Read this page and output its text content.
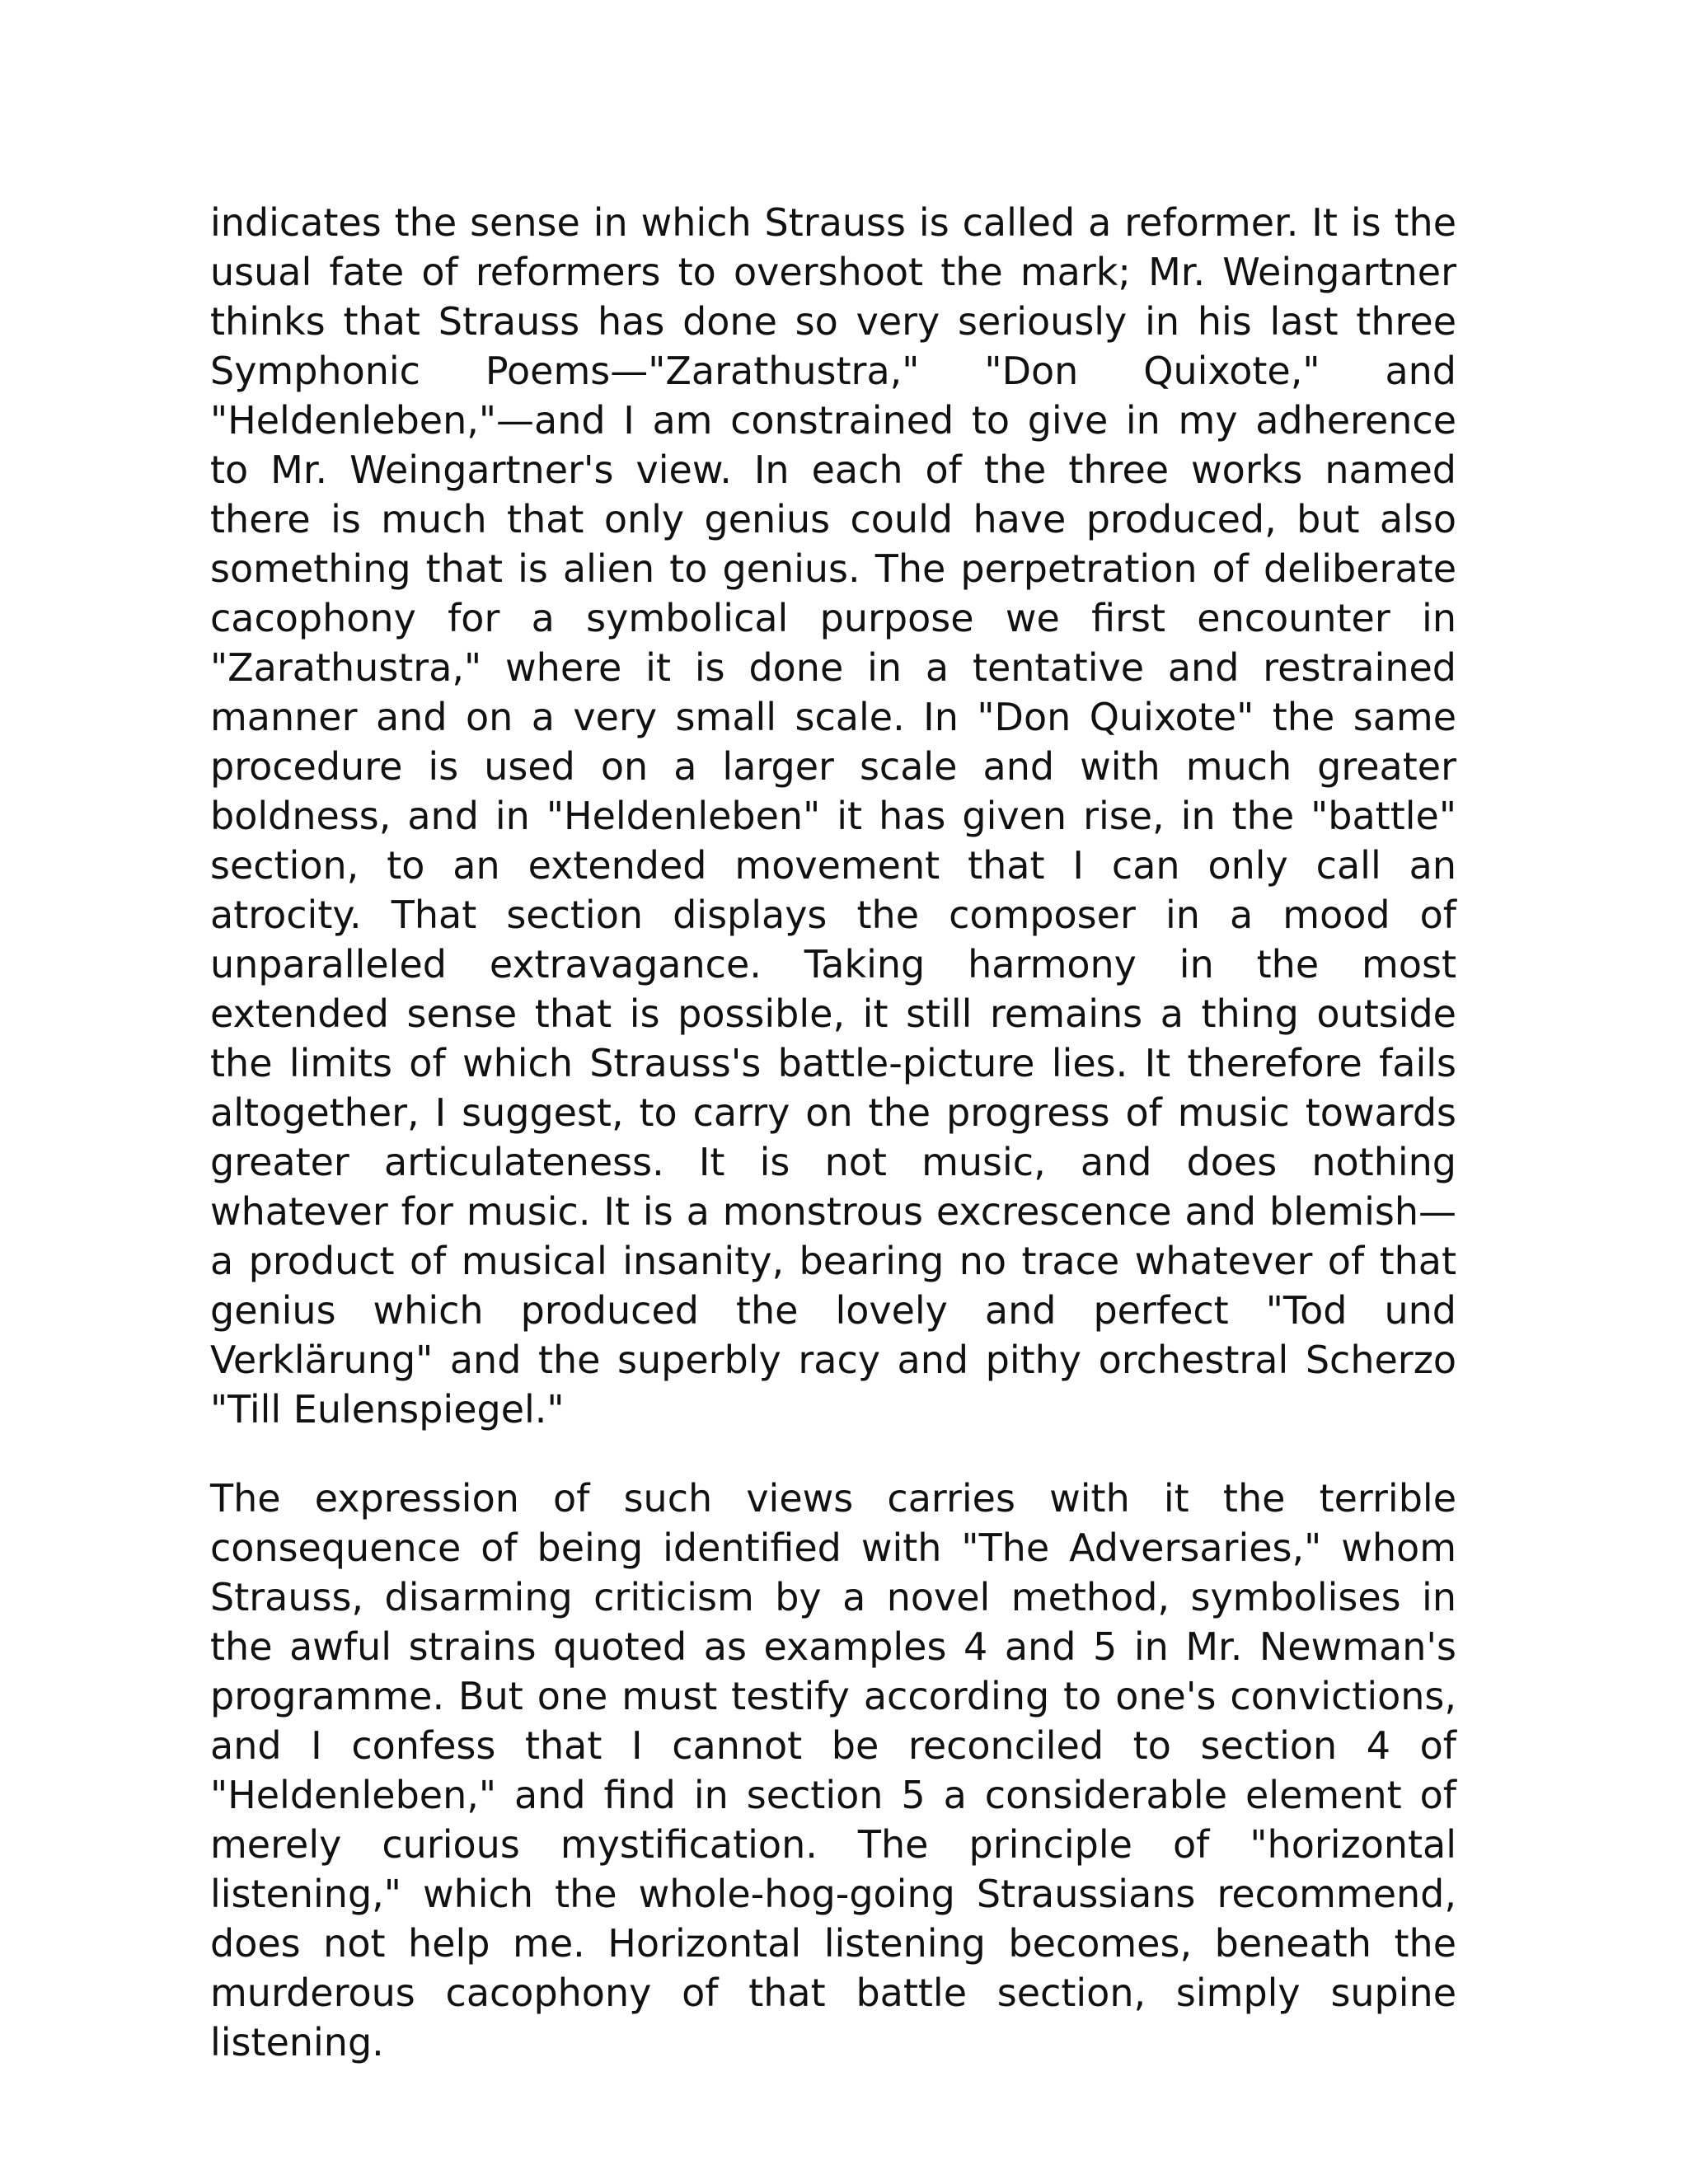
indicates the sense in which Strauss is called a reformer. It is the usual fate of reformers to overshoot the mark; Mr. Weingartner thinks that Strauss has done so very seriously in his last three Symphonic Poems—"Zarathustra," "Don Quixote," and "Heldenleben,"—and I am constrained to give in my adherence to Mr. Weingartner's view. In each of the three works named there is much that only genius could have produced, but also something that is alien to genius. The perpetration of deliberate cacophony for a symbolical purpose we first encounter in "Zarathustra," where it is done in a tentative and restrained manner and on a very small scale. In "Don Quixote" the same procedure is used on a larger scale and with much greater boldness, and in "Heldenleben" it has given rise, in the "battle" section, to an extended movement that I can only call an atrocity. That section displays the composer in a mood of unparalleled extravagance. Taking harmony in the most extended sense that is possible, it still remains a thing outside the limits of which Strauss's battle-picture lies. It therefore fails altogether, I suggest, to carry on the progress of music towards greater articulateness. It is not music, and does nothing whatever for music. It is a monstrous excrescence and blemish—a product of musical insanity, bearing no trace whatever of that genius which produced the lovely and perfect "Tod und Verklärung" and the superbly racy and pithy orchestral Scherzo "Till Eulenspiegel."

The expression of such views carries with it the terrible consequence of being identified with "The Adversaries," whom Strauss, disarming criticism by a novel method, symbolises in the awful strains quoted as examples 4 and 5 in Mr. Newman's programme. But one must testify according to one's convictions, and I confess that I cannot be reconciled to section 4 of "Heldenleben," and find in section 5 a considerable element of merely curious mystification. The principle of "horizontal listening," which the whole-hog-going Straussians recommend, does not help me. Horizontal listening becomes, beneath the murderous cacophony of that battle section, simply supine listening.
